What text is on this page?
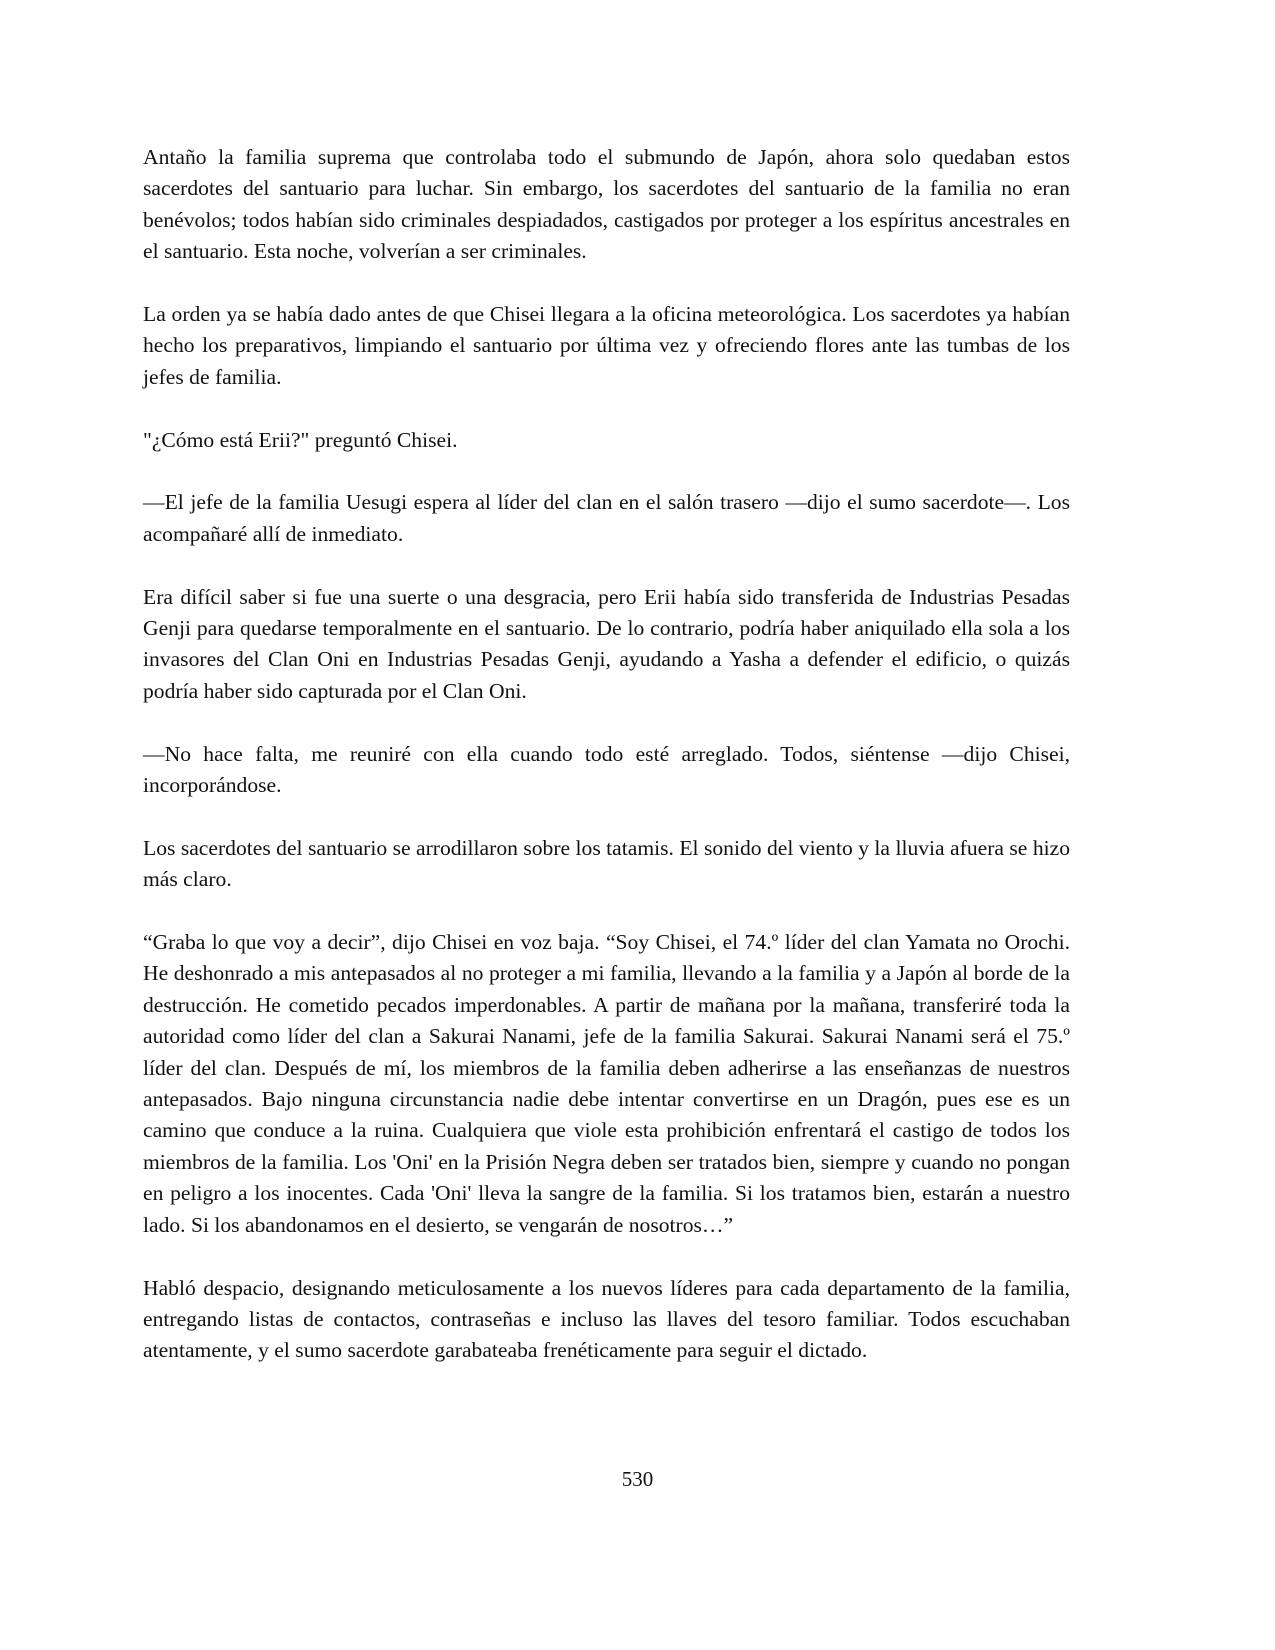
Antaño la familia suprema que controlaba todo el submundo de Japón, ahora solo quedaban estos sacerdotes del santuario para luchar. Sin embargo, los sacerdotes del santuario de la familia no eran benévolos; todos habían sido criminales despiadados, castigados por proteger a los espíritus ancestrales en el santuario. Esta noche, volverían a ser criminales.

La orden ya se había dado antes de que Chisei llegara a la oficina meteorológica. Los sacerdotes ya habían hecho los preparativos, limpiando el santuario por última vez y ofreciendo flores ante las tumbas de los jefes de familia.

"¿Cómo está Erii?" preguntó Chisei.

—El jefe de la familia Uesugi espera al líder del clan en el salón trasero —dijo el sumo sacerdote—. Los acompañaré allí de inmediato.

Era difícil saber si fue una suerte o una desgracia, pero Erii había sido transferida de Industrias Pesadas Genji para quedarse temporalmente en el santuario. De lo contrario, podría haber aniquilado ella sola a los invasores del Clan Oni en Industrias Pesadas Genji, ayudando a Yasha a defender el edificio, o quizás podría haber sido capturada por el Clan Oni.

—No hace falta, me reuniré con ella cuando todo esté arreglado. Todos, siéntense —dijo Chisei, incorporándose.

Los sacerdotes del santuario se arrodillaron sobre los tatamis. El sonido del viento y la lluvia afuera se hizo más claro.

“Graba lo que voy a decir”, dijo Chisei en voz baja. “Soy Chisei, el 74.º líder del clan Yamata no Orochi. He deshonrado a mis antepasados al no proteger a mi familia, llevando a la familia y a Japón al borde de la destrucción. He cometido pecados imperdonables. A partir de mañana por la mañana, transferiré toda la autoridad como líder del clan a Sakurai Nanami, jefe de la familia Sakurai. Sakurai Nanami será el 75.º líder del clan. Después de mí, los miembros de la familia deben adherirse a las enseñanzas de nuestros antepasados. Bajo ninguna circunstancia nadie debe intentar convertirse en un Dragón, pues ese es un camino que conduce a la ruina. Cualquiera que viole esta prohibición enfrentará el castigo de todos los miembros de la familia. Los 'Oni' en la Prisión Negra deben ser tratados bien, siempre y cuando no pongan en peligro a los inocentes. Cada 'Oni' lleva la sangre de la familia. Si los tratamos bien, estarán a nuestro lado. Si los abandonamos en el desierto, se vengarán de nosotros…”

Habló despacio, designando meticulosamente a los nuevos líderes para cada departamento de la familia, entregando listas de contactos, contraseñas e incluso las llaves del tesoro familiar. Todos escuchaban atentamente, y el sumo sacerdote garabateaba frenéticamente para seguir el dictado.

530
